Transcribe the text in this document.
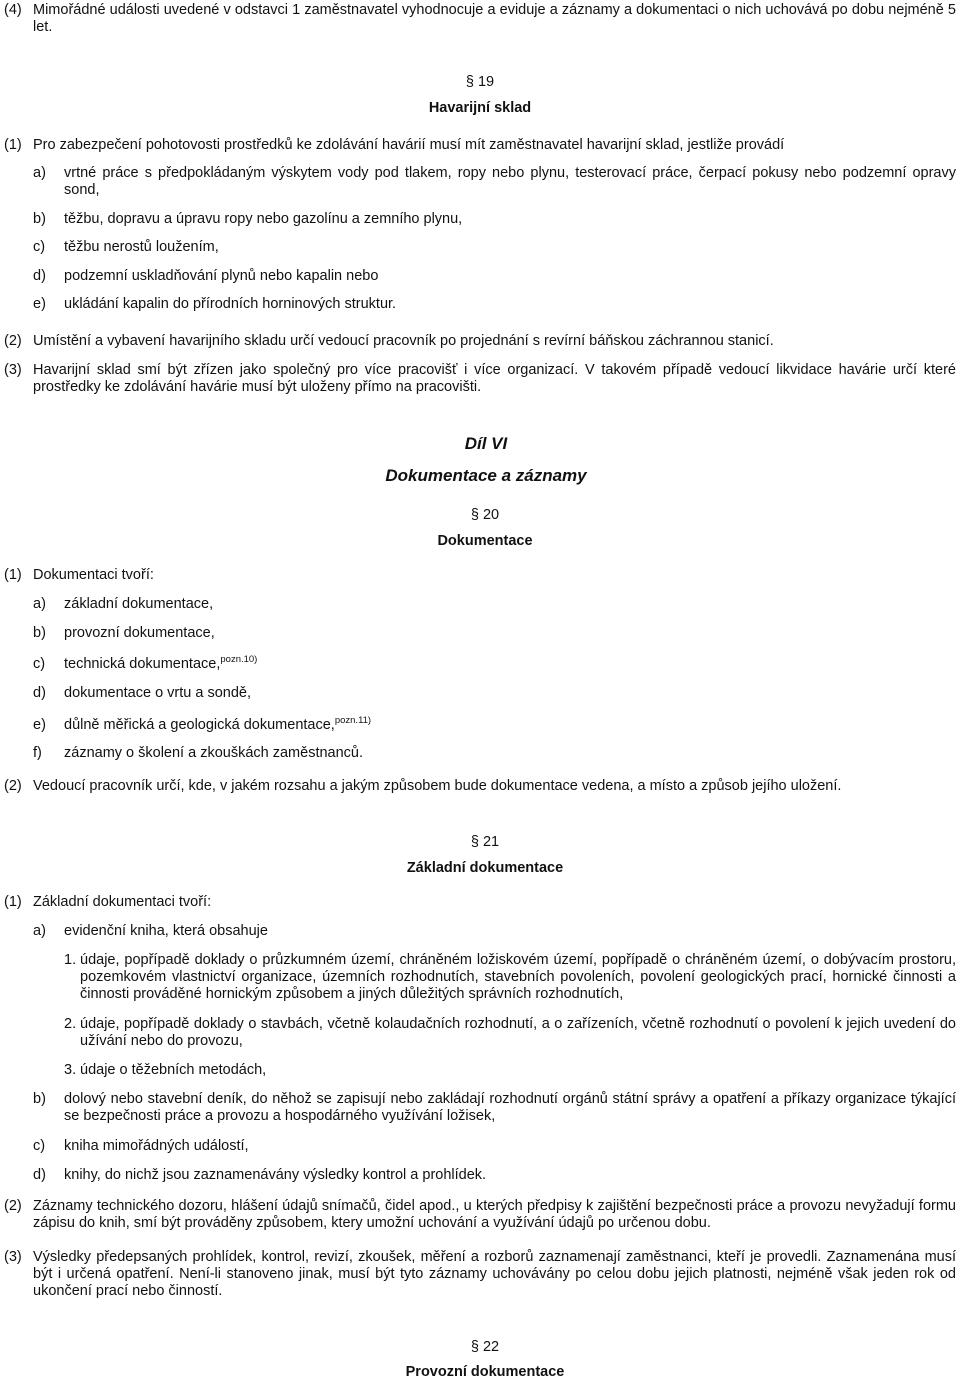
(4) Mimořádné události uvedené v odstavci 1 zaměstnavatel vyhodnocuje a eviduje a záznamy a dokumentaci o nich uchovává po dobu nejméně 5 let.
§ 19
Havarijní sklad
(1) Pro zabezpečení pohotovosti prostředků ke zdolávání havárií musí mít zaměstnavatel havarijní sklad, jestliže provádí
a) vrtné práce s předpokládaným výskytem vody pod tlakem, ropy nebo plynu, testerovací práce, čerpací pokusy nebo podzemní opravy sond,
b) těžbu, dopravu a úpravu ropy nebo gazolínu a zemního plynu,
c) těžbu nerostů loužením,
d) podzemní uskladňování plynů nebo kapalin nebo
e) ukládání kapalin do přírodních horninových struktur.
(2) Umístění a vybavení havarijního skladu určí vedoucí pracovník po projednání s revírní báňskou záchrannou stanicí.
(3) Havarijní sklad smí být zřízen jako společný pro více pracovišť i více organizací. V takovém případě vedoucí likvidace havárie určí které prostředky ke zdolávání havárie musí být uloženy přímo na pracovišti.
Díl VI
Dokumentace a záznamy
§ 20
Dokumentace
(1) Dokumentaci tvoří:
a) základní dokumentace,
b) provozní dokumentace,
c) technická dokumentace,$^{pozn.10)}$
d) dokumentace o vrtu a sondě,
e) důlně měřická a geologická dokumentace,$^{pozn.11)}$
f) záznamy o školení a zkouškách zaměstnanců.
(2) Vedoucí pracovník určí, kde, v jakém rozsahu a jakým způsobem bude dokumentace vedena, a místo a způsob jejího uložení.
§ 21
Základní dokumentace
(1) Základní dokumentaci tvoří:
a) evidenční kniha, která obsahuje
1. údaje, popřípadě doklady o průzkumném území, chráněném ložiskovém území, popřípadě o chráněném území, o dobývacím prostoru, pozemkovém vlastnictví organizace, územních rozhodnutích, stavebních povoleních, povolení geologických prací, hornické činnosti a činnosti prováděné hornickým způsobem a jiných důležitých správních rozhodnutích,
2. údaje, popřípadě doklady o stavbách, včetně kolaudačních rozhodnutí, a o zařízeních, včetně rozhodnutí o povolení k jejich uvedení do užívání nebo do provozu,
3. údaje o těžebních metodách,
b) dolový nebo stavební deník, do něhož se zapisují nebo zakládají rozhodnutí orgánů státní správy a opatření a příkazy organizace týkající se bezpečnosti práce a provozu a hospodárného využívání ložisek,
c) kniha mimořádných událostí,
d) knihy, do nichž jsou zaznamenávány výsledky kontrol a prohlídek.
(2) Záznamy technického dozoru, hlášení údajů snímačů, čidel apod., u kterých předpisy k zajištění bezpečnosti práce a provozu nevyžadují formu zápisu do knih, smí být prováděny způsobem, ktery umožní uchování a využívání údajů po určenou dobu.
(3) Výsledky předepsaných prohlídek, kontrol, revizí, zkoušek, měření a rozborů zaznamenají zaměstnanci, kteří je provedli. Zaznamenána musí být i určená opatření. Není-li stanoveno jinak, musí být tyto záznamy uchovávány po celou dobu jejich platnosti, nejméně však jeden rok od ukončení prací nebo činností.
§ 22
Provozní dokumentace
